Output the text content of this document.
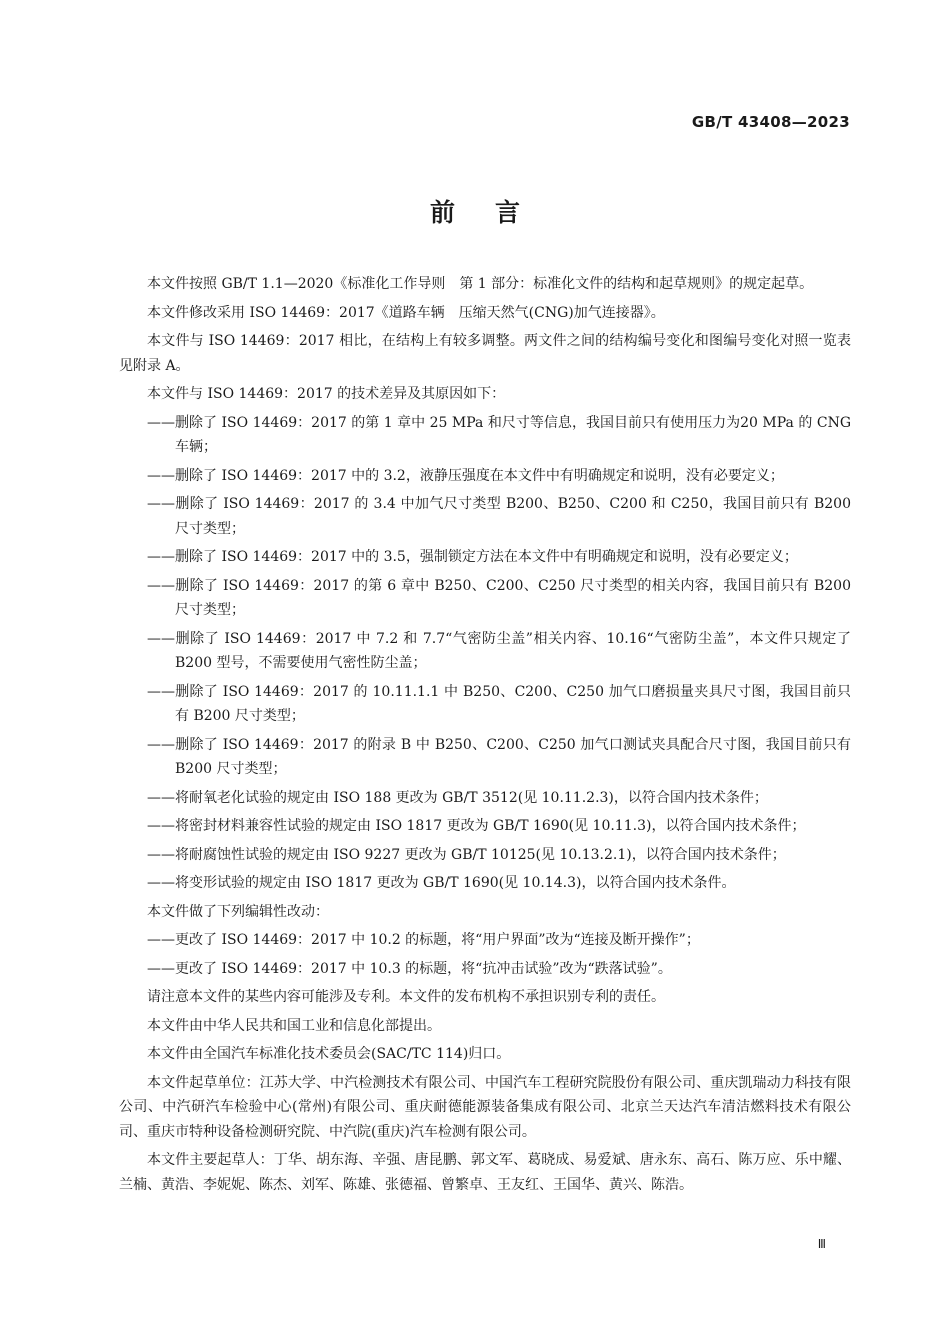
GB/T 43408—2023
前言

本文件按照 GB/T 1.1—2020《标准化工作导则　第 1 部分：标准化文件的结构和起草规则》的规定起草。

本文件修改采用 ISO 14469：2017《道路车辆　压缩天然气(CNG)加气连接器》。

本文件与 ISO 14469：2017 相比，在结构上有较多调整。两文件之间的结构编号变化和图编号变化对照一览表见附录 A。

本文件与 ISO 14469：2017 的技术差异及其原因如下：

——删除了 ISO 14469：2017 的第 1 章中 25 MPa 和尺寸等信息，我国目前只有使用压力为20 MPa 的 CNG 车辆；

——删除了 ISO 14469：2017 中的 3.2，液静压强度在本文件中有明确规定和说明，没有必要定义；

——删除了 ISO 14469：2017 的 3.4 中加气尺寸类型 B200、B250、C200 和 C250，我国目前只有 B200 尺寸类型；

——删除了 ISO 14469：2017 中的 3.5，强制锁定方法在本文件中有明确规定和说明，没有必要定义；

——删除了 ISO 14469：2017 的第 6 章中 B250、C200、C250 尺寸类型的相关内容，我国目前只有 B200 尺寸类型；

——删除了 ISO 14469：2017 中 7.2 和 7.7“气密防尘盖”相关内容、10.16“气密防尘盖”，本文件只规定了 B200 型号，不需要使用气密性防尘盖；

——删除了 ISO 14469：2017 的 10.11.1.1 中 B250、C200、C250 加气口磨损量夹具尺寸图，我国目前只有 B200 尺寸类型；

——删除了 ISO 14469：2017 的附录 B 中 B250、C200、C250 加气口测试夹具配合尺寸图，我国目前只有 B200 尺寸类型；

——将耐氧老化试验的规定由 ISO 188 更改为 GB/T 3512(见 10.11.2.3)，以符合国内技术条件；

——将密封材料兼容性试验的规定由 ISO 1817 更改为 GB/T 1690(见 10.11.3)，以符合国内技术条件；

——将耐腐蚀性试验的规定由 ISO 9227 更改为 GB/T 10125(见 10.13.2.1)，以符合国内技术条件；

——将变形试验的规定由 ISO 1817 更改为 GB/T 1690(见 10.14.3)，以符合国内技术条件。

本文件做了下列编辑性改动：

——更改了 ISO 14469：2017 中 10.2 的标题，将“用户界面”改为“连接及断开操作”；

——更改了 ISO 14469：2017 中 10.3 的标题，将“抗冲击试验”改为“跌落试验”。

请注意本文件的某些内容可能涉及专利。本文件的发布机构不承担识别专利的责任。

本文件由中华人民共和国工业和信息化部提出。

本文件由全国汽车标准化技术委员会(SAC/TC 114)归口。

本文件起草单位：江苏大学、中汽检测技术有限公司、中国汽车工程研究院股份有限公司、重庆凯瑞动力科技有限公司、中汽研汽车检验中心(常州)有限公司、重庆耐德能源装备集成有限公司、北京兰天达汽车清洁燃料技术有限公司、重庆市特种设备检测研究院、中汽院(重庆)汽车检测有限公司。

本文件主要起草人：丁华、胡东海、辛强、唐昆鹏、郭文军、葛晓成、易爱斌、唐永东、高石、陈万应、乐中耀、兰楠、黄浩、李妮妮、陈杰、刘军、陈雄、张德福、曾繁卓、王友红、王国华、黄兴、陈浩。

Ⅲ
